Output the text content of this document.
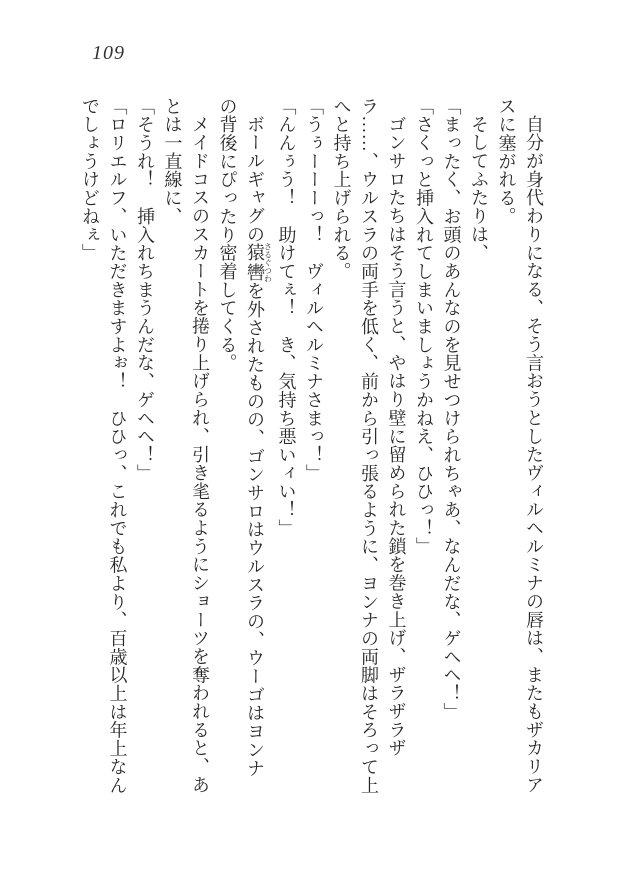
109

自分が身代わりになる、そう言おうとしたヴィルヘルミナの唇は、またもザカリアスに塞がれる。

そしてふたりは、

「まったく、お頭のあんなのを見せつけられちゃあ、なんだな、ゲヘヘ！」

「さくっと挿入れてしまいましょうかねえ、ひひっ！」

ゴンサロたちはそう言うと、やはり壁に留められた鎖を巻き上げ、ザラザラザラ……、ウルスラの両手を低く、前から引っ張るように、ヨンナの両脚はそろって上へと持ち上げられる。

「うぅーーーっ！　ヴィルヘルミナさまっ！」

「んんぅう！　助けてぇ！　き、気持ち悪いィい！」

ボールギャグの猿轡さるぐつわを外されたものの、ゴンサロはウルスラの、ウーゴはヨンナの背後にぴったり密着してくる。

メイドコスのスカートを捲り上げられ、引き毟るようにショーツを奪われると、あとは一直線に、

「そうれ！　挿入れちまうんだな、ゲヘヘ！」

「ロリエルフ、いただきますよぉ！　ひひっ、これでも私より、百歳以上は年上なんでしょうけどねぇ」
